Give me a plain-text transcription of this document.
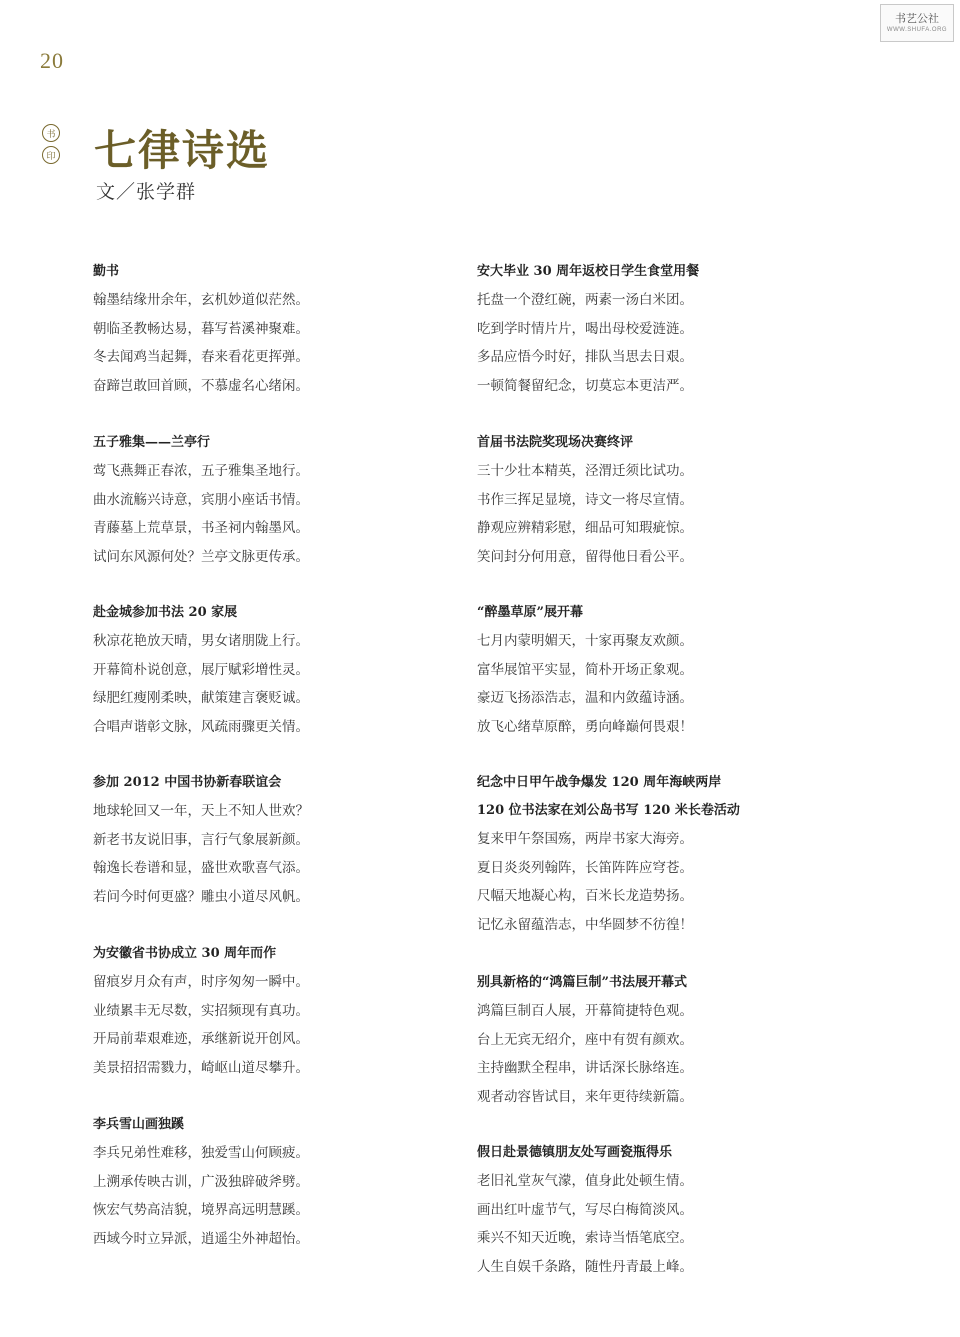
20
书艺公社
WWW.SHUFA.ORG
书
印 七律诗选
文／张学群
勤书
翰墨结缘卅余年，玄机妙道似茫然。
朝临圣教畅达易，暮写苔溪神聚难。
冬去闻鸡当起舞，春来看花更挥弹。
奋蹄岂敢回首顾，不慕虚名心绪闲。
五子雅集——兰亭行
莺飞燕舞正春浓，五子雅集圣地行。
曲水流觞兴诗意，宾朋小座话书情。
青藤墓上荒草景，书圣祠内翰墨风。
试问东风源何处？兰亭文脉更传承。
赴金城参加书法 20 家展
秋凉花艳放天晴，男女诸朋陇上行。
开幕简朴说创意，展厅赋彩增性灵。
绿肥红瘦刚柔映，献策建言褒贬诚。
合唱声谐彰文脉，风疏雨骤更关情。
参加 2012 中国书协新春联谊会
地球轮回又一年，天上不知人世欢？
新老书友说旧事，言行气象展新颜。
翰逸长卷谱和显，盛世欢歌喜气添。
若问今时何更盛？雕虫小道尽风帆。
为安徽省书协成立 30 周年而作
留痕岁月众有声，时序匆匆一瞬中。
业绩累丰无尽数，实招频现有真功。
开局前辈艰难迹，承继新说开创风。
美景招招需戮力，崎岖山道尽攀升。
李兵雪山画独蹊
李兵兄弟性难移，独爱雪山何顾疲。
上溯承传映古训，广汲独辟破斧劈。
恢宏气势高洁貌，境界高远明慧蹊。
西域今时立异派，逍遥尘外神超怡。
安大毕业 30 周年返校日学生食堂用餐
托盘一个澄红碗，两素一汤白米团。
吃到学时情片片，喝出母校爱涟涟。
多品应悟今时好，排队当思去日艰。
一顿简餐留纪念，切莫忘本更洁严。
首届书法院奖现场决赛终评
三十少壮本精英，泾渭迁须比试功。
书作三挥足显境，诗文一将尽宣情。
静观应辨精彩慰，细品可知瑕疵惊。
笑问封分何用意，留得他日看公平。
“醉墨草原”展开幕
七月内蒙明媚天，十家再聚友欢颜。
富华展馆平实显，简朴开场正象观。
豪迈飞扬添浩志，温和内敛蕴诗涵。
放飞心绪草原醉，勇向峰巅何畏艰！
纪念中日甲午战争爆发 120 周年海峡两岸
120 位书法家在刘公岛书写 120 米长卷活动
复来甲午祭国殇，两岸书家大海旁。
夏日炎炎列翰阵，长笛阵阵应穹苍。
尺幅天地凝心构，百米长龙造势扬。
记忆永留蕴浩志，中华圆梦不彷徨！
别具新格的“鸿篇巨制”书法展开幕式
鸿篇巨制百人展，开幕简捷特色观。
台上无宾无绍介，座中有贺有颜欢。
主持幽默全程串，讲话深长脉络连。
观者动容皆试目，来年更待续新篇。
假日赴景德镇朋友处写画瓷瓶得乐
老旧礼堂灰气濛，值身此处顿生情。
画出红叶虚节气，写尽白梅简淡风。
乘兴不知天近晚，索诗当悟笔底空。
人生自娱千条路，随性丹青最上峰。
